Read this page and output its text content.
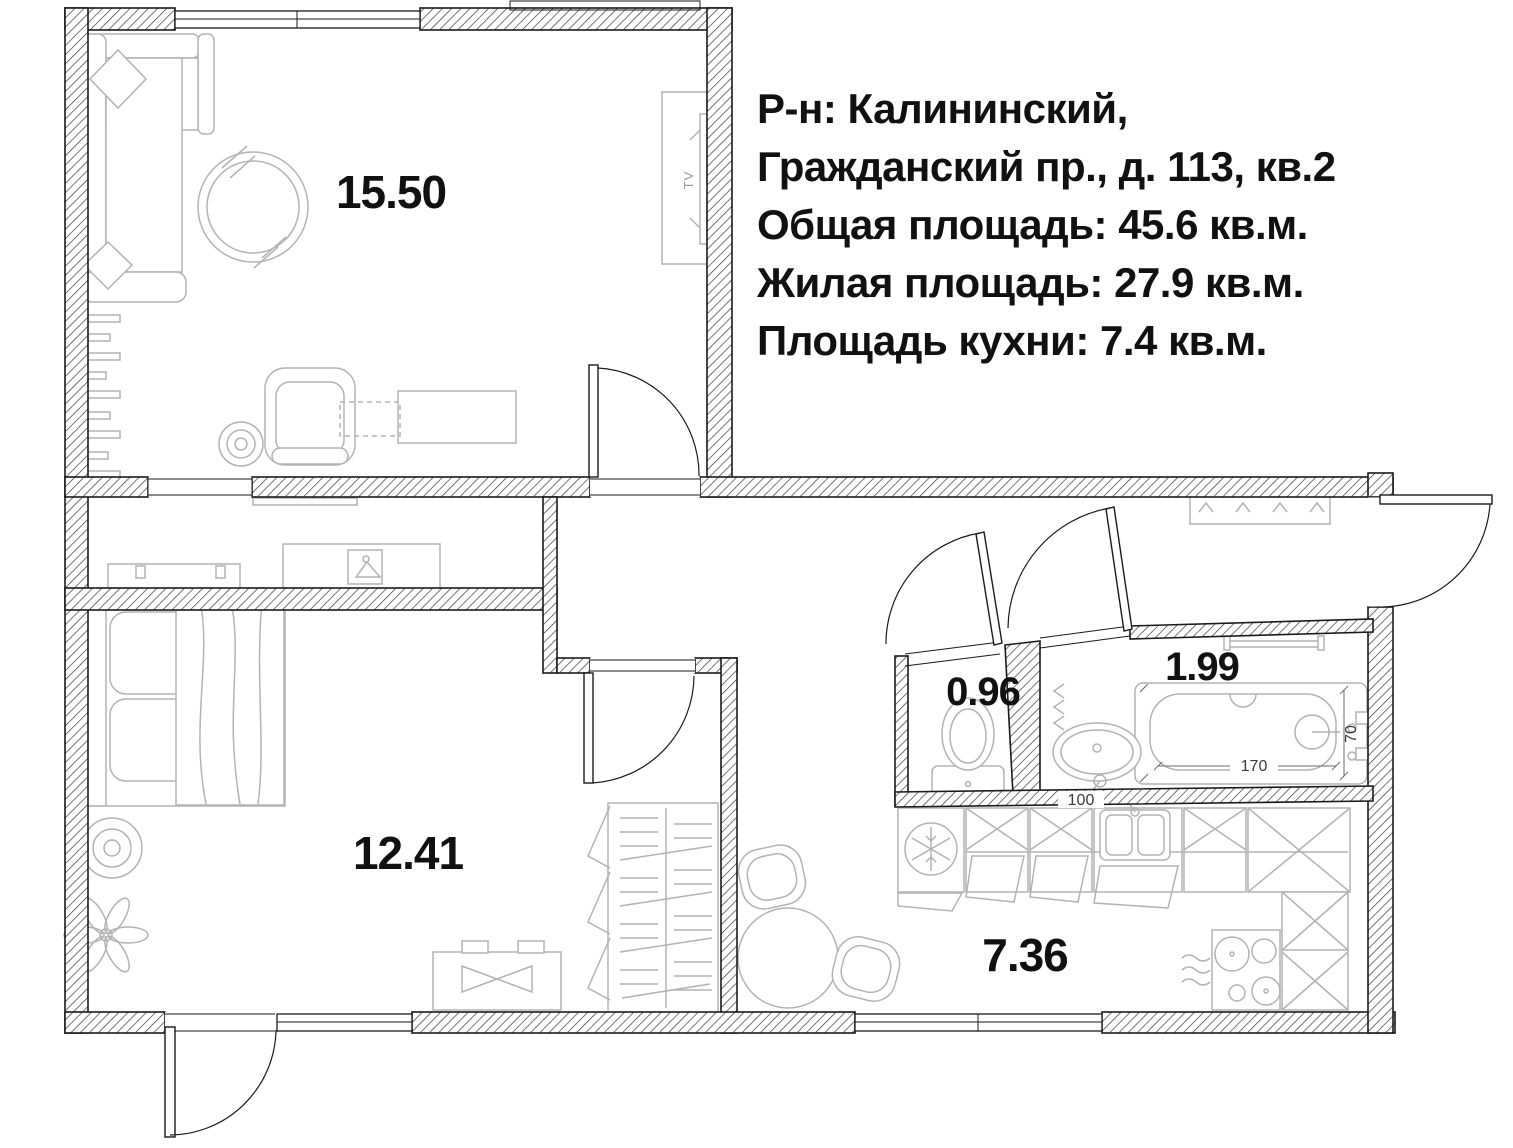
15.50
12.41
7.36
0.96
1.99
170
70
100
TV
Р-н: Калининский,
Гражданский пр., д. 113, кв.2
Общая площадь: 45.6 кв.м.
Жилая площадь: 27.9 кв.м.
Площадь кухни: 7.4 кв.м.
